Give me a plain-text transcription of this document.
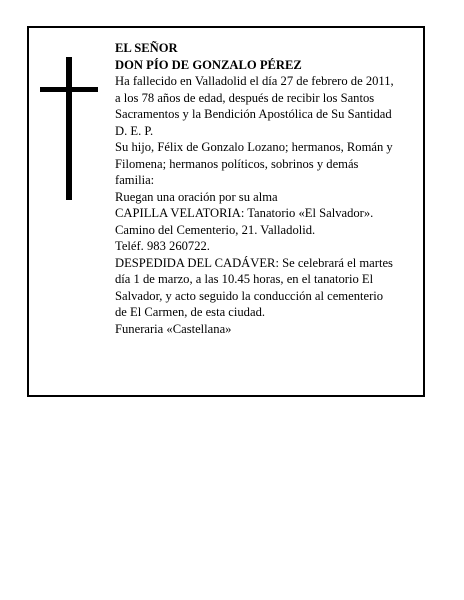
EL SEÑOR
DON PÍO DE GONZALO PÉREZ
Ha fallecido en Valladolid el día 27 de febrero de 2011,
a los 78 años de edad, después de recibir los Santos
Sacramentos y la Bendición Apostólica de Su Santidad
D. E. P.
Su hijo, Félix de Gonzalo Lozano; hermanos, Román y
Filomena; hermanos políticos, sobrinos y demás
familia:
Ruegan una oración por su alma
CAPILLA VELATORIA: Tanatorio «El Salvador».
Camino del Cementerio, 21. Valladolid.
Teléf. 983 260722.
DESPEDIDA DEL CADÁVER: Se celebrará el martes
día 1 de marzo, a las 10.45 horas, en el tanatorio El
Salvador, y acto seguido la conducción al cementerio
de El Carmen, de esta ciudad.
Funeraria «Castellana»
